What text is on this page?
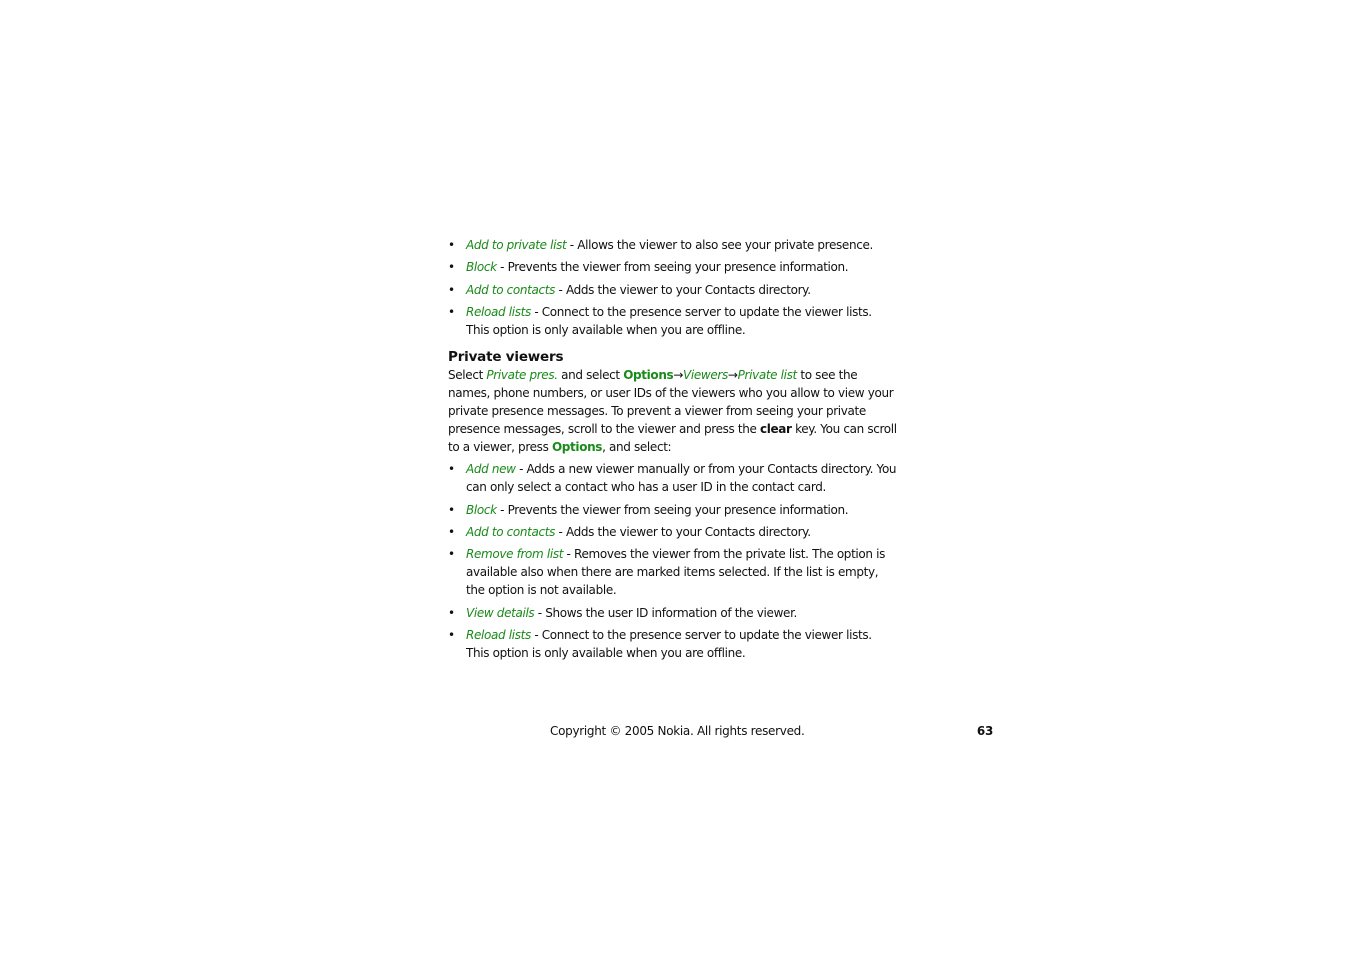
• Add to private list - Allows the viewer to also see your private presence.
• Block - Prevents the viewer from seeing your presence information.
• Add to contacts - Adds the viewer to your Contacts directory.
• Reload lists - Connect to the presence server to update the viewer lists. This option is only available when you are offline.
Private viewers

Select Private pres. and select Options→Viewers→Private list to see the names, phone numbers, or user IDs of the viewers who you allow to view your private presence messages. To prevent a viewer from seeing your private presence messages, scroll to the viewer and press the clear key. You can scroll to a viewer, press Options, and select:

• Add new - Adds a new viewer manually or from your Contacts directory. You can only select a contact who has a user ID in the contact card.
• Block - Prevents the viewer from seeing your presence information.
• Add to contacts - Adds the viewer to your Contacts directory.
• Remove from list - Removes the viewer from the private list. The option is available also when there are marked items selected. If the list is empty, the option is not available.
• View details - Shows the user ID information of the viewer.
• Reload lists - Connect to the presence server to update the viewer lists. This option is only available when you are offline.
Copyright © 2005 Nokia. All rights reserved.	63
